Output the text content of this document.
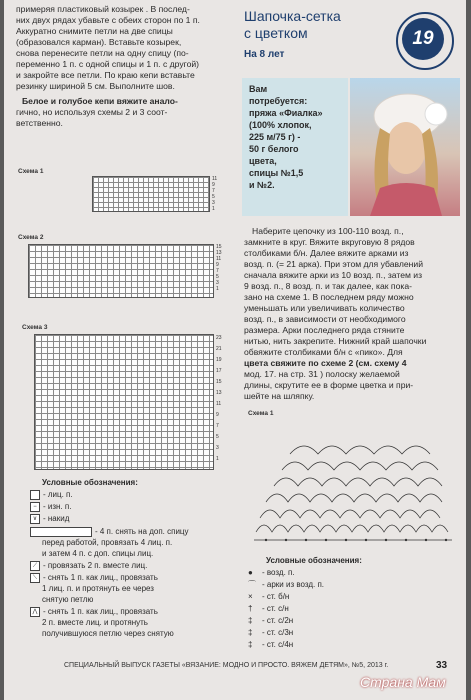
примеряя пластиковый козырек . В послед-
них двух рядах убавьте с обеих сторон по 1 п.
Аккуратно снимите петли на две спицы
(образовался карман). Вставьте козырек,
снова перенесите петли на одну спицу (по-
переменно 1 п. с одной спицы и 1 п. с другой)
и закройте все петли. По краю кепи вставьте
резинку шириной 5 см. Выполните шов.
Белое и голубое кепи вяжите анало-
гично, но используя схемы 2 и 3 соот-
ветственно.
Схема 1
11
9
7
5
3
1
Схема 2
15
13
11
9
7
5
3
1
Схема 3
23
21
19
17
15
13
11
9
7
5
3
1
Условные обозначения:
- лиц. п.
− - изн. п.
∨ - накид
- 4 п. снять на доп. спицу
перед работой, провязать 4 лиц. п.
и затем 4 п. с доп. спицы лиц.
⟋ - провязать 2 п. вместе лиц.
⟍ - снять 1 п. как лиц., провязать
1 лиц. п. и протянуть ее через
снятую петлю
⋀ - снять 1 п. как лиц., провязать
2 п. вместе лиц. и протянуть
получившуюся петлю через снятую
Шапочка-сетка
с цветком
На 8 лет
19
Вам
потребуется:
пряжа «Фиалка»
(100% хлопок,
225 м/75 г) -
50 г белого
цвета,
спицы №1,5
и №2.
Наберите цепочку из 100-110 возд. п.,
замкните в круг. Вяжите вкруговую 8 рядов
столбиками б/н. Далее вяжите арками из
возд. п. (= 21 арка). При этом для убавлений
сначала вяжите арки из 10 возд. п., затем из
9 возд. п., 8 возд. п. и так далее, как пока-
зано на схеме 1. В последнем ряду можно
уменьшать или увеличивать количество
возд. п., в зависимости от необходимого
размера. Арки последнего ряда стяните
нитью, нить закрепите. Нижний край шапочки
обвяжите столбиками б/н с «пико». Для
цвета свяжите по схеме 2 (см. схему 4
мод. 17. на стр. 31 ) полоску желаемой
длины, скрутите ее в форме цветка и при-
шейте на шляпку.
Схема 1
Условные обозначения:
● - возд. п.
⌒ - арки из возд. п.
× - ст. б/н
† - ст. с/н
‡ - ст. с/2н
‡ - ст. с/3н
‡ - ст. с/4н
СПЕЦИАЛЬНЫЙ ВЫПУСК ГАЗЕТЫ «ВЯЗАНИЕ: МОДНО И ПРОСТО. ВЯЖЕМ ДЕТЯМ», №5, 2013 г.	33
Страна Мам
